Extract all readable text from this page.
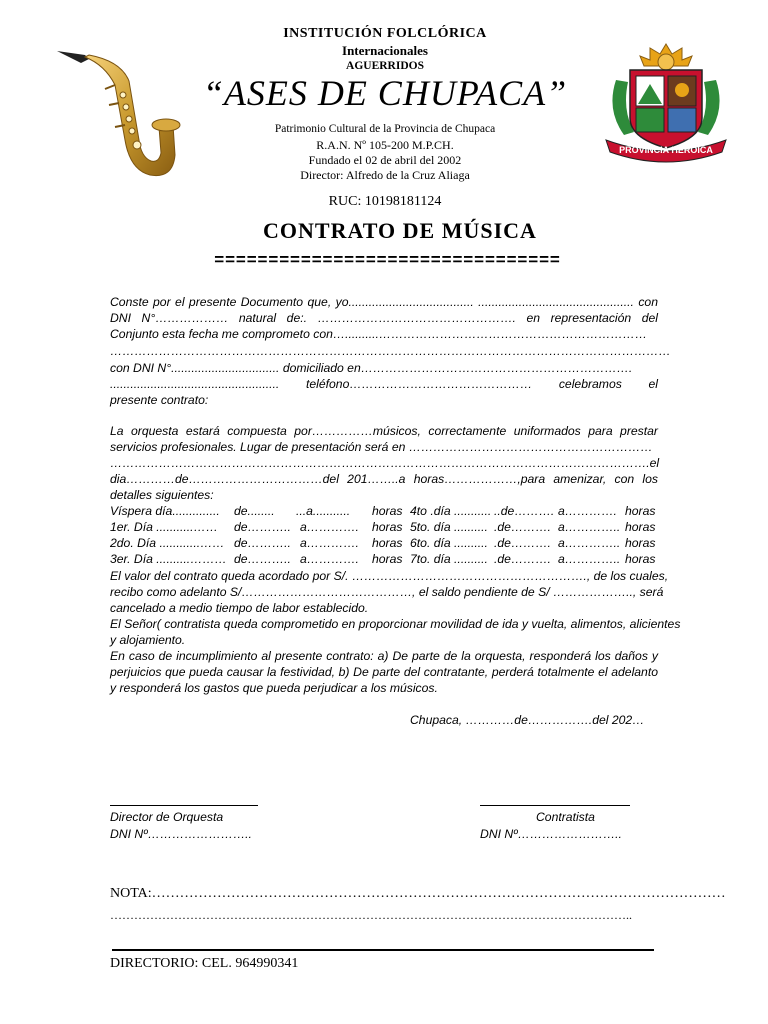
PROVINCIA HEROICA
INSTITUCIÓN FOLCLÓRICA
Internacionales
AGUERRIDOS
“ASES DE CHUPACA”
Patrimonio Cultural de la Provincia de Chupaca
R.A.N. Nº 105-200 M.P.CH.
Fundado el 02 de abril del 2002
Director: Alfredo de la Cruz Aliaga
RUC: 10198181124
CONTRATO DE MÚSICA
================================
Conste por el presente Documento que, yo..................................... .............................................. con
DNI N°……………… natural de:. …………………………………………. en representación del
Conjunto esta fecha me comprometo con…..........…………………………………………………………
…………………………………………………………………………………………………………………………
con DNI N°................................ domiciliado en………………………………………………………….
.................................................. teléfono……………………………………… celebramos el
presente contrato:
La orquesta estará compuesta por……………músicos, correctamente uniformados para prestar
servicios profesionales. Lugar de presentación será en ……………………………………………………
…………………………………………………………………………………………………………………….el
dia…………de……………………………del 201……..a horas………………,para amenizar, con los
detalles siguientes:
Víspera día.............. de........ ...a........... horas 4to .día ........... ..de………. a…………. horas
1er. Día ...........…… de……….. a…………. horas 5to. día .......... .de………. a………….. horas
2do. Día ............…… de……….. a…………. horas 6to. día .......... .de………. a………….. horas
3er. Día ..........……… de……….. a…………. horas 7to. día .......... .de………. a………….. horas
El valor del contrato queda acordado por S/. …………………………………………………., de los cuales,
recibo como adelanto S/……………………………………, el saldo pendiente de S/ ……………….., será
cancelado a medio tiempo de labor establecido.
El Señor( contratista queda comprometido en proporcionar movilidad de ida y vuelta, alimentos, alicientes
y alojamiento.
En caso de incumplimiento al presente contrato: a) De parte de la orquesta, responderá los daños y
perjuicios que pueda causar la festividad, b) De parte del contratante, perderá totalmente el adelanto
y responderá los gastos que pueda perjudicar a los músicos.
Chupaca, …………de…………….del 202…
Director de Orquesta
DNI Nº……………………..
Contratista
DNI Nº……………………..
NOTA:……………………………………………………………………………………………………………
…………………………………………………………………………………………………………………..
DIRECTORIO: CEL. 964990341
